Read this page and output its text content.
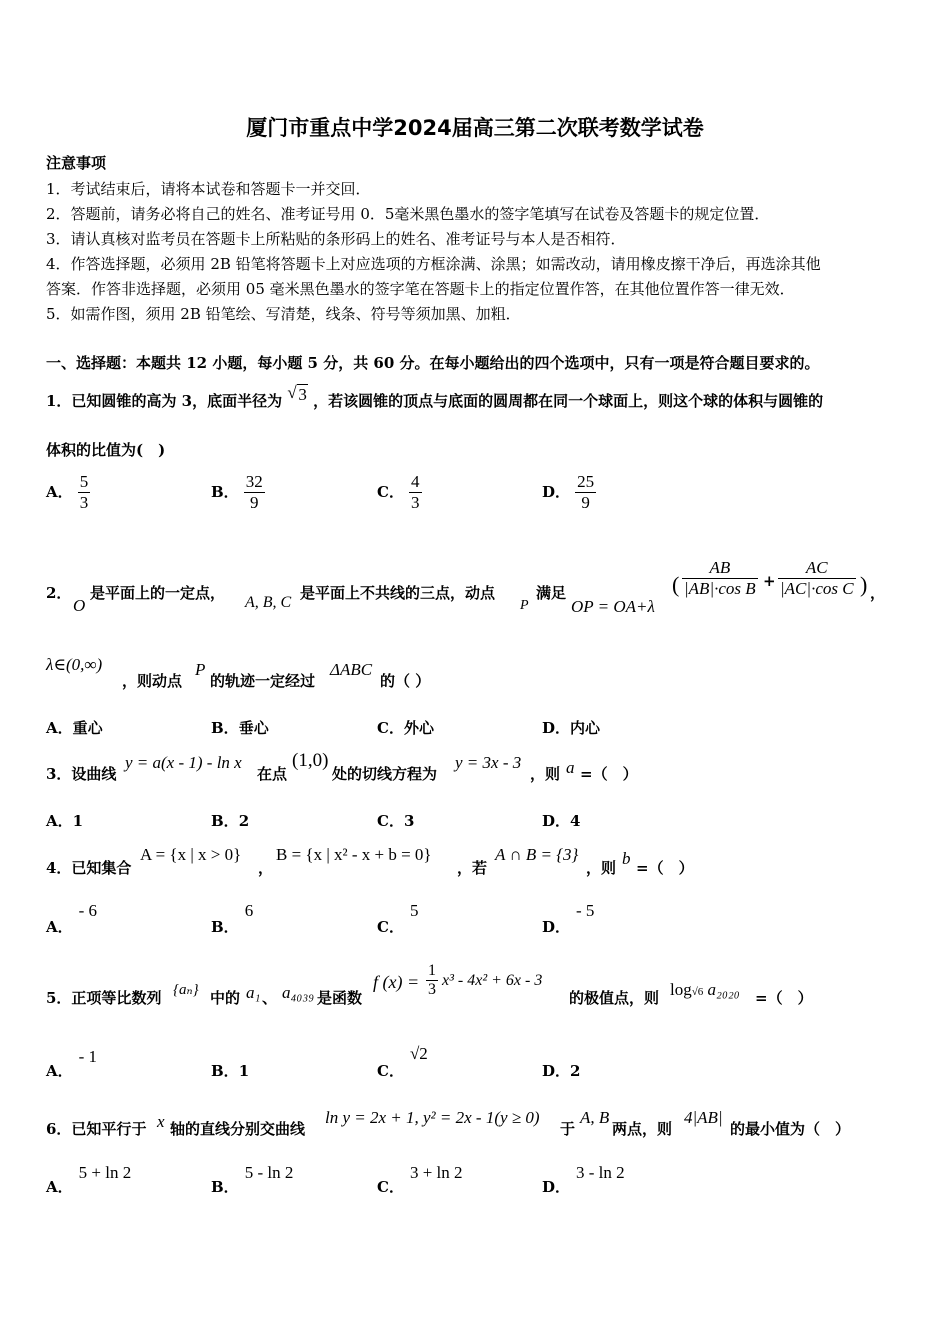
厦门市重点中学2024届高三第二次联考数学试卷
注意事项
1．考试结束后，请将本试卷和答题卡一并交回．
2．答题前，请务必将自己的姓名、准考证号用 0．5毫米黑色墨水的签字笔填写在试卷及答题卡的规定位置．
3．请认真核对监考员在答题卡上所粘贴的条形码上的姓名、准考证号与本人是否相符．
4．作答选择题，必须用 2B 铅笔将答题卡上对应选项的方框涂满、涂黑；如需改动，请用橡皮擦干净后，再选涂其他
答案．作答非选择题，必须用 05 毫米黑色墨水的签字笔在答题卡上的指定位置作答，在其他位置作答一律无效．
5．如需作图，须用 2B 铅笔绘、写清楚，线条、符号等须加黑、加粗．
一、选择题：本题共 12 小题，每小题 5 分，共 60 分。在每小题给出的四个选项中，只有一项是符合题目要求的。
1．已知圆锥的高为 3，底面半径为 √ 3 ，若该圆锥的顶点与底面的圆周都在同一个球面上，则这个球的体积与圆锥的
体积的比值为(　)
A． $\frac{5}{3}$	B． $\frac{32}{9}$	C． $\frac{4}{3}$	D． $\frac{25}{9}$
2．
O
是平面上的一定点，
A, B, C
是平面上不共线的三点，动点
P
满足
OP = OA+λ
( $\frac{AB}{\text{|AB|·cos B}} + \frac{AC}{\text{|AC|·cos C}}$ ) ，
λ∈(0,∞)
，则动点
P
的轨迹一定经过
ΔABC
的（ ）
A．重心	B．垂心	C．外心	D．内心
3．设曲线
y = a(x - 1) - ln x
在点
(1,0)
处的切线方程为
y = 3x - 3
，则 a =（　）
A．1	B．2	C．3	D．4
4．已知集合
A = {x | x > 0}
，
B = {x | x² - x + b = 0}
，若
A ∩ B = {3}
，则 b =（　）
A．- 6
B．6
C．5
D．- 5
5．正项等比数列 {aₙ} 中的 a₁ 、 a₄₀₃₉ 是函数
f $(x) = \frac{1}{3} x^3 - 4x^2 + 6x - 3$
的极值点，则 log√6 a₂₀₂₀ =（　）
A．- 1
B．1	C．√2
D．2
6．已知平行于 x 轴的直线分别交曲线
ln y = 2x + 1, y² = 2x - 1(y ≥ 0)
于
A, B
两点，则
4|AB|
的最小值为（　）
A．5 + ln 2
B．5 - ln 2
C．3 + ln 2
D．3 - ln 2
